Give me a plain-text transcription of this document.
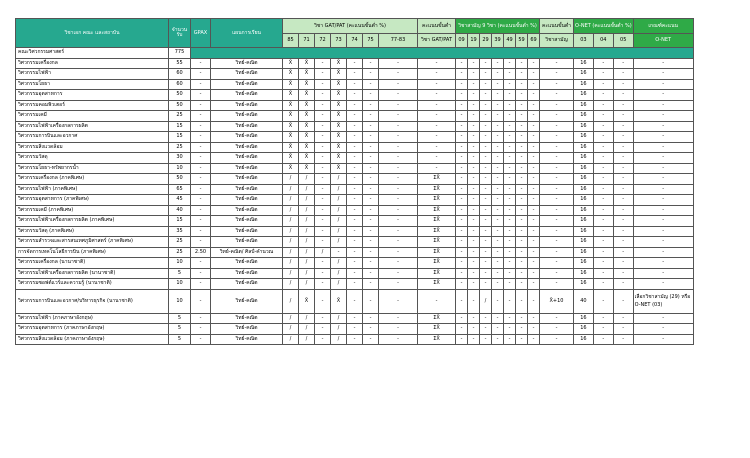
วิชาเอก คณะ และสถาบัน	จำนวนรับ	GPAX	แผนการเรียน	วิชา GAT/PAT (คะแนนขั้นต่ำ %)							คะแนนขั้นต่ำ	วิชาสามัญ 9 วิชา (คะแนนขั้นต่ำ %)							คะแนนขั้นต่ำ	O-NET (คะแนนขั้นต่ำ %)			เกณฑ์คะแนน
				85	71	72	73	74	75	77-83	วิชา GAT/PAT	09	19	29	39	49	59	69	วิชาสามัญ	03	04	05	O-NET
คณะวิศวกรรมศาสตร์	775																						
วิศวกรรมเครื่องกล	55	-	วิทย์-คณิต	X̄	X̄	-	X̄	-	-	-	-	-	-	-	-	-	-	-	-	16	-	-	-
วิศวกรรมไฟฟ้า	60	-	วิทย์-คณิต	X̄	X̄	-	X̄	-	-	-	-	-	-	-	-	-	-	-	-	16	-	-	-
วิศวกรรมโยธา	60	-	วิทย์-คณิต	X̄	X̄	-	X̄	-	-	-	-	-	-	-	-	-	-	-	-	16	-	-	-
วิศวกรรมอุตสาหการ	50	-	วิทย์-คณิต	X̄	X̄	-	X̄	-	-	-	-	-	-	-	-	-	-	-	-	16	-	-	-
วิศวกรรมคอมพิวเตอร์	50	-	วิทย์-คณิต	X̄	X̄	-	X̄	-	-	-	-	-	-	-	-	-	-	-	-	16	-	-	-
วิศวกรรมเคมี	25	-	วิทย์-คณิต	X̄	X̄	-	X̄	-	-	-	-	-	-	-	-	-	-	-	-	16	-	-	-
วิศวกรรมไฟฟ้าเครื่องกลการผลิต	15	-	วิทย์-คณิต	X̄	X̄	-	X̄	-	-	-	-	-	-	-	-	-	-	-	-	16	-	-	-
วิศวกรรมการบินและอวกาศ	15	-	วิทย์-คณิต	X̄	X̄	-	X̄	-	-	-	-	-	-	-	-	-	-	-	-	16	-	-	-
วิศวกรรมสิ่งแวดล้อม	25	-	วิทย์-คณิต	X̄	X̄	-	X̄	-	-	-	-	-	-	-	-	-	-	-	-	16	-	-	-
วิศวกรรมวัสดุ	30	-	วิทย์-คณิต	X̄	X̄	-	X̄	-	-	-	-	-	-	-	-	-	-	-	-	16	-	-	-
วิศวกรรมโยธา-ทรัพยากรน้ำ	10	-	วิทย์-คณิต	X̄	X̄	-	X̄	-	-	-	-	-	-	-	-	-	-	-	-	16	-	-	-
วิศวกรรมเครื่องกล (ภาคพิเศษ)	50	-	วิทย์-คณิต	/	/	-	/	-	-	-	ΣX̄	-	-	-	-	-	-	-	-	16	-	-	-
วิศวกรรมไฟฟ้า (ภาคพิเศษ)	65	-	วิทย์-คณิต	/	/	-	/	-	-	-	ΣX̄	-	-	-	-	-	-	-	-	16	-	-	-
วิศวกรรมอุตสาหการ (ภาคพิเศษ)	45	-	วิทย์-คณิต	/	/	-	/	-	-	-	ΣX̄	-	-	-	-	-	-	-	-	16	-	-	-
วิศวกรรมเคมี (ภาคพิเศษ)	40	-	วิทย์-คณิต	/	/	-	/	-	-	-	ΣX̄	-	-	-	-	-	-	-	-	16	-	-	-
วิศวกรรมไฟฟ้าเครื่องกลการผลิต (ภาคพิเศษ)	15	-	วิทย์-คณิต	/	/	-	/	-	-	-	ΣX̄	-	-	-	-	-	-	-	-	16	-	-	-
วิศวกรรมวัสดุ (ภาคพิเศษ)	35	-	วิทย์-คณิต	/	/	-	/	-	-	-	ΣX̄	-	-	-	-	-	-	-	-	16	-	-	-
วิศวกรรมสำรวจและสารสนเทศภูมิศาสตร์ (ภาคพิเศษ)	25	-	วิทย์-คณิต	/	/	-	/	-	-	-	ΣX̄	-	-	-	-	-	-	-	-	16	-	-	-
การจัดการเทคโนโลยีการบิน (ภาคพิเศษ)	25	2.50	วิทย์-คณิต/ ศิลป์-คำนวณ	/	/	/	-	-	-	-	ΣX̄	-	-	-	-	-	-	-	-	16	-	-	-
วิศวกรรมเครื่องกล (นานาชาติ)	10	-	วิทย์-คณิต	/	/	-	/	-	-	-	ΣX̄	-	-	-	-	-	-	-	-	16	-	-	-
วิศวกรรมไฟฟ้าเครื่องกลการผลิต (นานาชาติ)	5	-	วิทย์-คณิต	/	/	-	/	-	-	-	ΣX̄	-	-	-	-	-	-	-	-	16	-	-	-
วิศวกรรมซอฟต์แวร์และความรู้ (นานาชาติ)	10	-	วิทย์-คณิต	/	/	-	/	-	-	-	ΣX̄	-	-	-	-	-	-	-	-	16	-	-	-
วิศวกรรมการบินและอวกาศ/บริหารธุรกิจ (นานาชาติ)	10	-	วิทย์-คณิต	/	X̄	-	X̄	-	-	-	-	-	-	/	-	-	-	-	X̄+10	40	-	-	เลือกวิชาสามัญ (29) หรือ O-NET (03)
วิศวกรรมไฟฟ้า (ภาคภาษาอังกฤษ)	5	-	วิทย์-คณิต	/	/	-	/	-	-	-	ΣX̄	-	-	-	-	-	-	-	-	16	-	-	-
วิศวกรรมอุตสาหการ (ภาคภาษาอังกฤษ)	5	-	วิทย์-คณิต	/	/	-	/	-	-	-	ΣX̄	-	-	-	-	-	-	-	-	16	-	-	-
วิศวกรรมสิ่งแวดล้อม (ภาคภาษาอังกฤษ)	5	-	วิทย์-คณิต	/	/	-	/	-	-	-	ΣX̄	-	-	-	-	-	-	-	-	16	-	-	-
